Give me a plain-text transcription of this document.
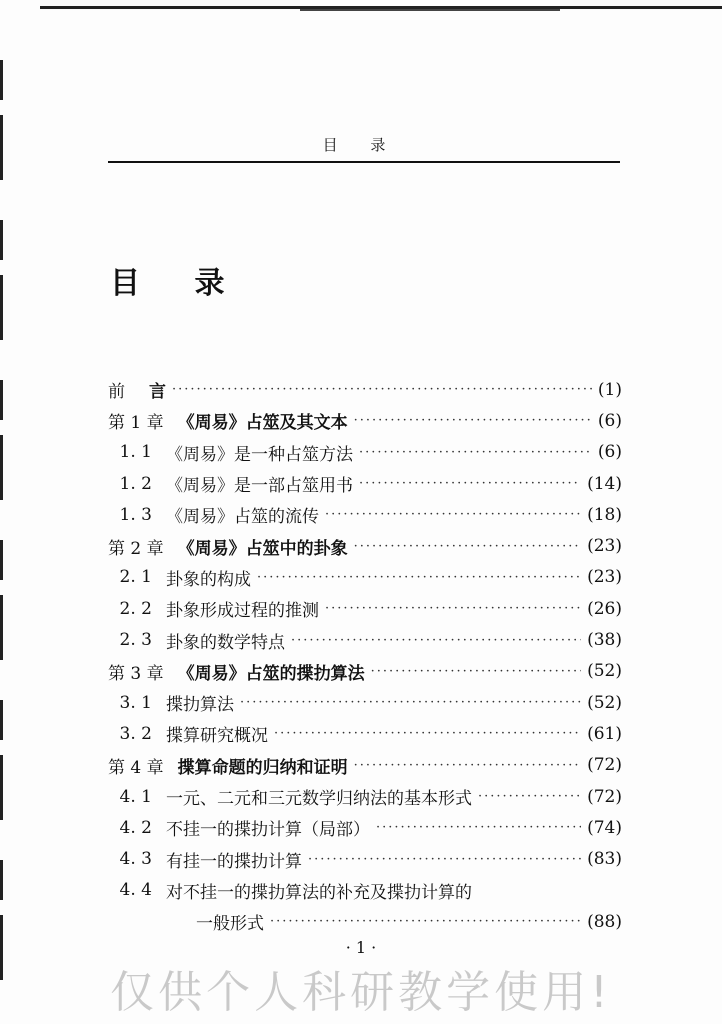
目 录
目 录
前 言 ·····	(1)
第 1 章 《周易》占筮及其文本 ·····	(6)
1. 1 《周易》是一种占筮方法 ·····	(6)
1. 2 《周易》是一部占筮用书 ·····	(14)
1. 3 《周易》占筮的流传 ·····	(18)
第 2 章 《周易》占筮中的卦象 ·····	(23)
2. 1 卦象的构成 ·····	(23)
2. 2 卦象形成过程的推测 ·····	(26)
2. 3 卦象的数学特点 ·····	(38)
第 3 章 《周易》占筮的揲扐算法 ·····	(52)
3. 1 揲扐算法 ·····	(52)
3. 2 揲算研究概况 ·····	(61)
第 4 章 揲算命题的归纳和证明 ·····	(72)
4. 1 一元、二元和三元数学归纳法的基本形式 ·····	(72)
4. 2 不挂一的揲扐计算（局部） ·····	(74)
4. 3 有挂一的揲扐计算 ·····	(83)
4. 4 对不挂一的揲扐算法的补充及揲扐计算的
一般形式 ·····	(88)
· 1 ·
仅供个人科研教学使用!
